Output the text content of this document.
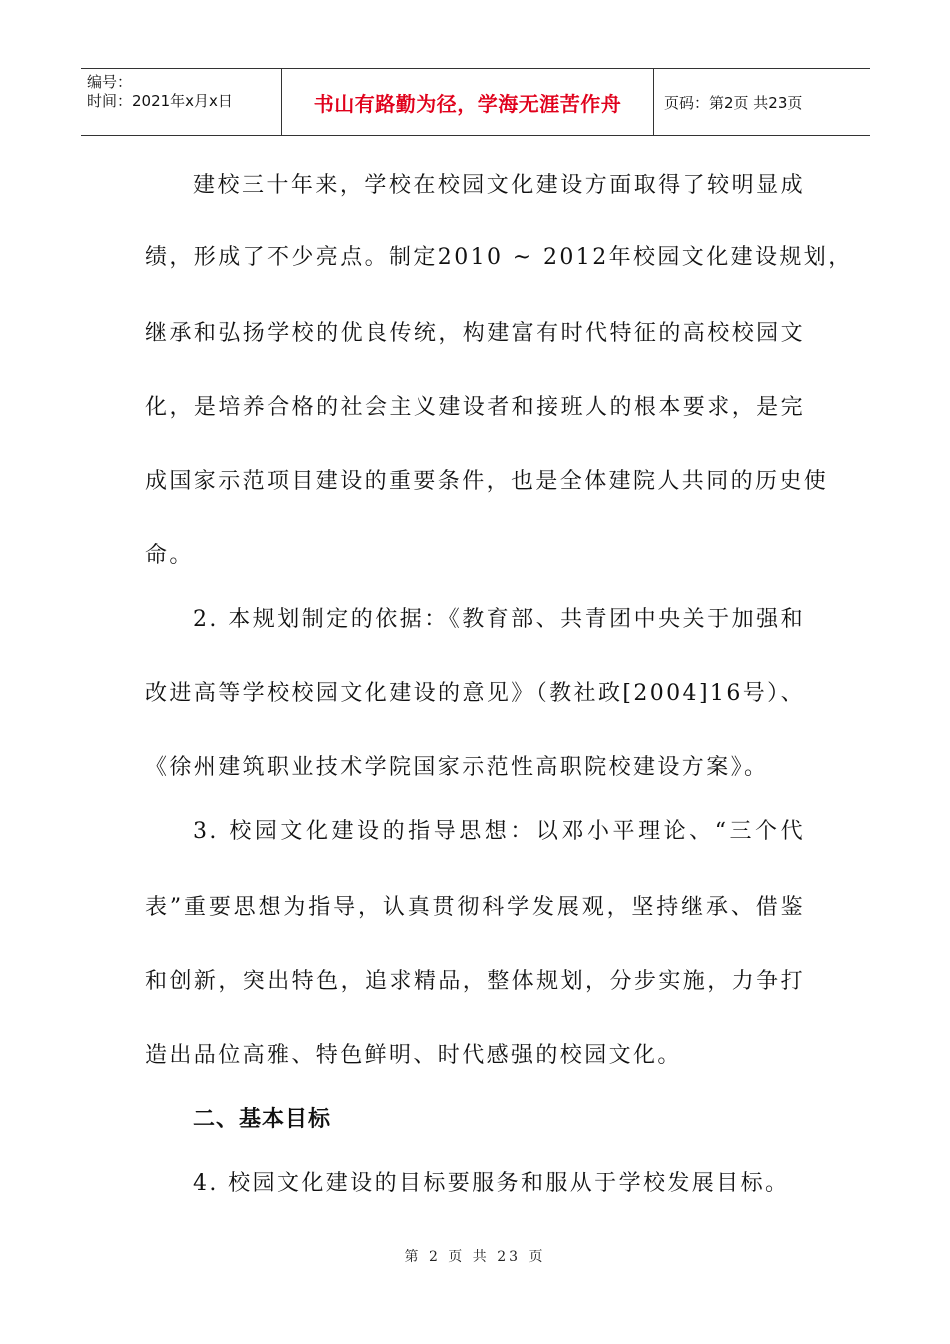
编号：
时间：2021年x月x日	书山有路勤为径，学海无涯苦作舟	页码：第2页 共23页
建校三十年来，学校在校园文化建设方面取得了较明显成
绩，形成了不少亮点。制定2010 ~ 2012年校园文化建设规划，
继承和弘扬学校的优良传统，构建富有时代特征的高校校园文
化，是培养合格的社会主义建设者和接班人的根本要求，是完
成国家示范项目建设的重要条件，也是全体建院人共同的历史使
命。
2. 本规划制定的依据：《教育部、共青团中央关于加强和
改进高等学校校园文化建设的意见》（教社政[2004]16号）、
《徐州建筑职业技术学院国家示范性高职院校建设方案》。
3. 校园文化建设的指导思想：以邓小平理论、“三个代
表”重要思想为指导，认真贯彻科学发展观，坚持继承、借鉴
和创新，突出特色，追求精品，整体规划，分步实施，力争打
造出品位高雅、特色鲜明、时代感强的校园文化。
二、基本目标
4. 校园文化建设的目标要服务和服从于学校发展目标。
第 2 页 共 23 页
